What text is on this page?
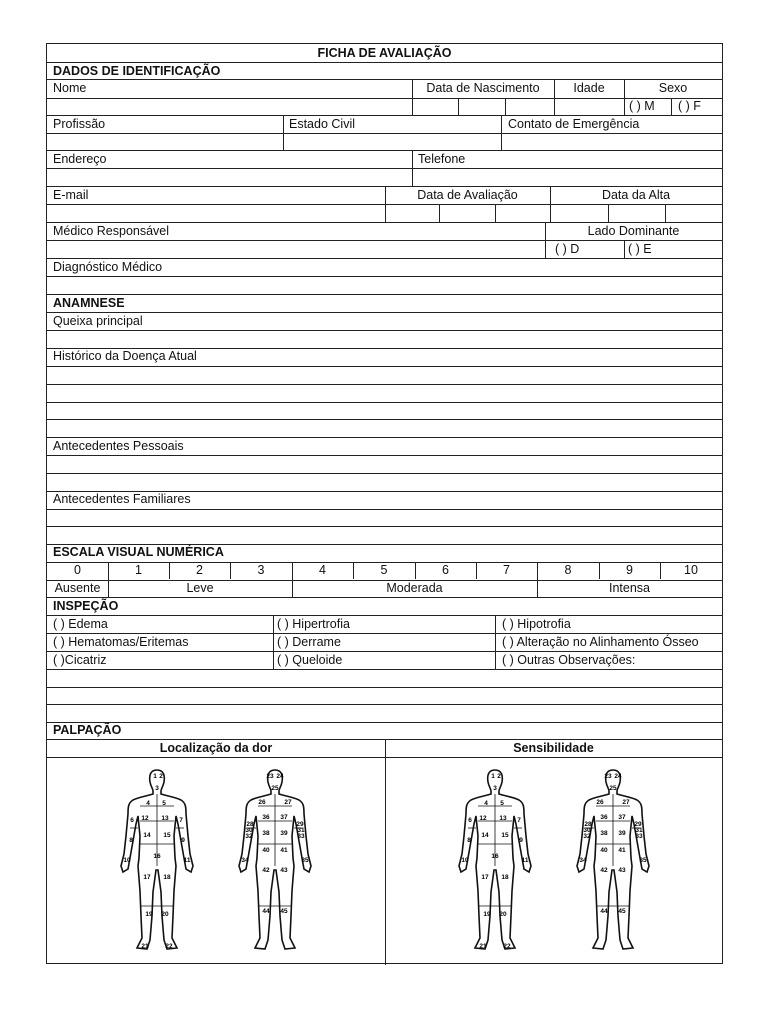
FICHA DE AVALIAÇÃO
DADOS DE IDENTIFICAÇÃO
Nome	Data de Nascimento	Idade	Sexo
( ) M ( ) F
Profissão	Estado Civil	Contato de Emergência
Endereço	Telefone
E-mail	Data de Avaliação	Data da Alta
Médico Responsável	Lado Dominante
( ) D	( ) E
Diagnóstico Médico
ANAMNESE
Queixa principal
Histórico da Doença Atual
Antecedentes Pessoais
Antecedentes Familiares
ESCALA VISUAL NUMÉRICA
0	1	2	3	4	5	6	7	8	9	10
Ausente	Leve	Moderada	Intensa
INSPEÇÃO
( ) Edema	( ) Hipertrofia	( ) Hipotrofia
( ) Hematomas/Eritemas	( ) Derrame	( ) Alteração no Alinhamento Ósseo
( )Cicatriz	( ) Queloide	( ) Outras Observações:
PALPAÇÃO
Localização da dor	Sensibilidade
1 2
3
4 5
6	7
8	9
10	11
12 13
14 15
16
17 18
19 20
21	22
23 24
25
26	27
28	29
30	31
32	33
34	35
36 37
38 39
40 41
42 43
44 45
1 2
3
4 5
6	7
8	9
10	11
12 13
14 15
16
17 18
19 20
21	22
23 24
25
26	27
28	29
30	31
32	33
34	35
36 37
38 39
40 41
42 43
44 45
